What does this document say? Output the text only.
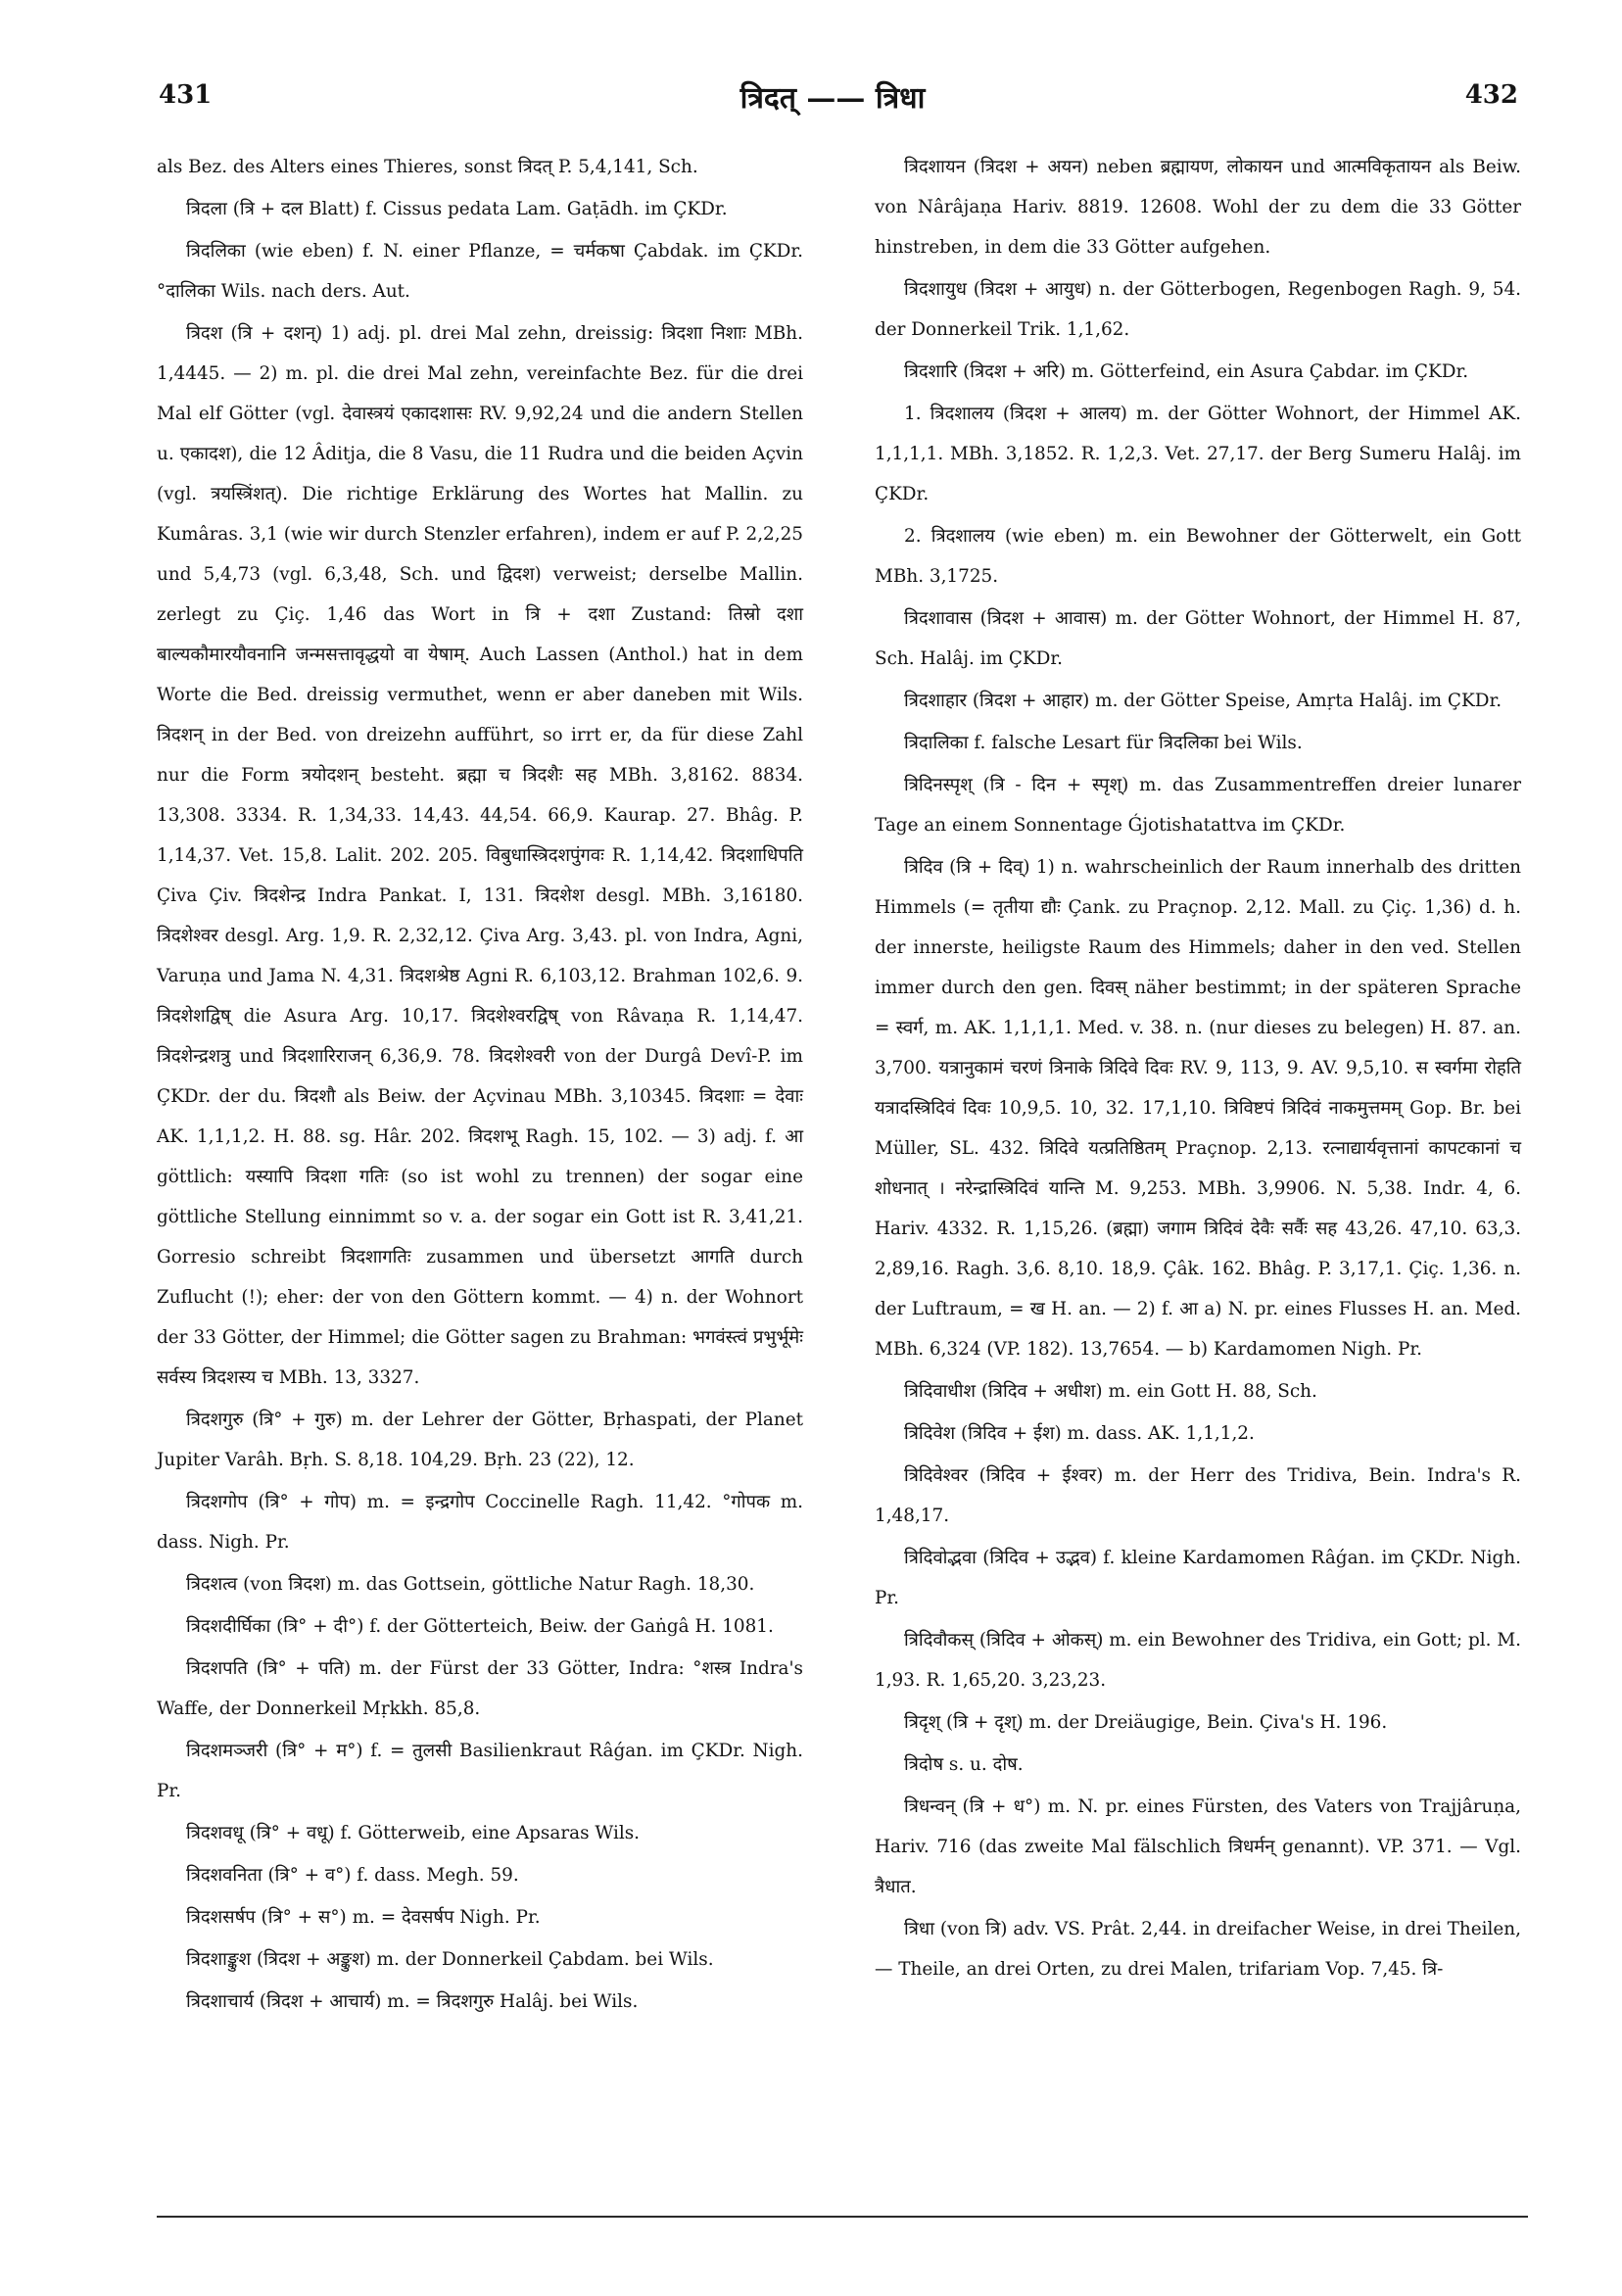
431	त्रिदत् —— त्रिधा	432

als Bez. des Alters eines Thieres, sonst त्रिदत् P. 5,4,141, Sch.

त्रिदला (त्रि + दल Blatt) f. Cissus pedata Lam. Gaṭādh. im ÇKDr.

त्रिदलिका (wie eben) f. N. einer Pflanze, = चर्मकषा Çabdak. im ÇKDr. °दालिका Wils. nach ders. Aut.

त्रिदश (त्रि + दशन्) 1) adj. pl. drei Mal zehn, dreissig: त्रिदशा निशाः MBh. 1,4445. — 2) m. pl. die drei Mal zehn, vereinfachte Bez. für die drei Mal elf Götter (vgl. देवास्त्रयं एकादशासः RV. 9,92,24 und die andern Stellen u. एकादश), die 12 Âditja, die 8 Vasu, die 11 Rudra und die beiden Açvin (vgl. त्रयस्त्रिंशत्). Die richtige Erklärung des Wortes hat Mallin. zu Kumâras. 3,1 (wie wir durch Stenzler erfahren), indem er auf P. 2,2,25 und 5,4,73 (vgl. 6,3,48, Sch. und द्विदश) verweist; derselbe Mallin. zerlegt zu Çiç. 1,46 das Wort in त्रि + दशा Zustand: तिस्रो दशा बाल्यकौमारयौवनानि जन्मसत्तावृद्धयो वा येषाम्. Auch Lassen (Anthol.) hat in dem Worte die Bed. dreissig vermuthet, wenn er aber daneben mit Wils. त्रिदशन् in der Bed. von dreizehn aufführt, so irrt er, da für diese Zahl nur die Form त्रयोदशन् besteht. ब्रह्मा च त्रिदशैः सह MBh. 3,8162. 8834. 13,308. 3334. R. 1,34,33. 14,43. 44,54. 66,9. Kaurap. 27. Bhâg. P. 1,14,37. Vet. 15,8. Lalit. 202. 205. विबुधास्त्रिदशपुंगवः R. 1,14,42. त्रिदशाधिपति Çiva Çiv. त्रिदशेन्द्र Indra Pankat. I, 131. त्रिदशेश desgl. MBh. 3,16180. त्रिदशेश्वर desgl. Arg. 1,9. R. 2,32,12. Çiva Arg. 3,43. pl. von Indra, Agni, Varuṇa und Jama N. 4,31. त्रिदशश्रेष्ठ Agni R. 6,103,12. Brahman 102,6. 9. त्रिदशेशद्विष् die Asura Arg. 10,17. त्रिदशेश्वरद्विष् von Râvaṇa R. 1,14,47. त्रिदशेन्द्रशत्रु und त्रिदशारिराजन् 6,36,9. 78. त्रिदशेश्वरी von der Durgâ Devî-P. im ÇKDr. der du. त्रिदशौ als Beiw. der Açvinau MBh. 3,10345. त्रिदशाः = देवाः AK. 1,1,1,2. H. 88. sg. Hâr. 202. त्रिदशभू Ragh. 15, 102. — 3) adj. f. आ göttlich: यस्यापि त्रिदशा गतिः (so ist wohl zu trennen) der sogar eine göttliche Stellung einnimmt so v. a. der sogar ein Gott ist R. 3,41,21. Gorresio schreibt त्रिदशागतिः zusammen und übersetzt आगति durch Zuflucht (!); eher: der von den Göttern kommt. — 4) n. der Wohnort der 33 Götter, der Himmel; die Götter sagen zu Brahman: भगवंस्त्वं प्रभुर्भूमेः सर्वस्य त्रिदशस्य च MBh. 13, 3327.

त्रिदशगुरु (त्रि° + गुरु) m. der Lehrer der Götter, Bṛhaspati, der Planet Jupiter Varâh. Bṛh. S. 8,18. 104,29. Bṛh. 23 (22), 12.

त्रिदशगोप (त्रि° + गोप) m. = इन्द्रगोप Coccinelle Ragh. 11,42. °गोपक m. dass. Nigh. Pr.

त्रिदशत्व (von त्रिदश) m. das Gottsein, göttliche Natur Ragh. 18,30.

त्रिदशदीर्घिका (त्रि° + दी°) f. der Götterteich, Beiw. der Gaṅgâ H. 1081.

त्रिदशपति (त्रि° + पति) m. der Fürst der 33 Götter, Indra: °शस्त्र Indra's Waffe, der Donnerkeil Mṛkkh. 85,8.

त्रिदशमञ्जरी (त्रि° + म°) f. = तुलसी Basilienkraut Râǵan. im ÇKDr. Nigh. Pr.

त्रिदशवधू (त्रि° + वधू) f. Götterweib, eine Apsaras Wils.

त्रिदशवनिता (त्रि° + व°) f. dass. Megh. 59.

त्रिदशसर्षप (त्रि° + स°) m. = देवसर्षप Nigh. Pr.

त्रिदशाङ्कुश (त्रिदश + अङ्कुश) m. der Donnerkeil Çabdam. bei Wils.

त्रिदशाचार्य (त्रिदश + आचार्य) m. = त्रिदशगुरु Halâj. bei Wils.

त्रिदशायन (त्रिदश + अयन) neben ब्रह्मायण, लोकायन und आत्मविकृतायन als Beiw. von Nârâjaṇa Hariv. 8819. 12608. Wohl der zu dem die 33 Götter hinstreben, in dem die 33 Götter aufgehen.

त्रिदशायुध (त्रिदश + आयुध) n. der Götterbogen, Regenbogen Ragh. 9, 54. der Donnerkeil Trik. 1,1,62.

त्रिदशारि (त्रिदश + अरि) m. Götterfeind, ein Asura Çabdar. im ÇKDr.

1. त्रिदशालय (त्रिदश + आलय) m. der Götter Wohnort, der Himmel AK. 1,1,1,1. MBh. 3,1852. R. 1,2,3. Vet. 27,17. der Berg Sumeru Halâj. im ÇKDr.

2. त्रिदशालय (wie eben) m. ein Bewohner der Götterwelt, ein Gott MBh. 3,1725.

त्रिदशावास (त्रिदश + आवास) m. der Götter Wohnort, der Himmel H. 87, Sch. Halâj. im ÇKDr.

त्रिदशाहार (त्रिदश + आहार) m. der Götter Speise, Amṛta Halâj. im ÇKDr.

त्रिदालिका f. falsche Lesart für त्रिदलिका bei Wils.

त्रिदिनस्पृश् (त्रि - दिन + स्पृश्) m. das Zusammentreffen dreier lunarer Tage an einem Sonnentage Ǵjotishatattva im ÇKDr.

त्रिदिव (त्रि + दिव्) 1) n. wahrscheinlich der Raum innerhalb des dritten Himmels (= तृतीया द्यौः Çank. zu Praçnop. 2,12. Mall. zu Çiç. 1,36) d. h. der innerste, heiligste Raum des Himmels; daher in den ved. Stellen immer durch den gen. दिवस् näher bestimmt; in der späteren Sprache = स्वर्ग, m. AK. 1,1,1,1. Med. v. 38. n. (nur dieses zu belegen) H. 87. an. 3,700. यत्रानुकामं चरणं त्रिनाके त्रिदिवे दिवः RV. 9, 113, 9. AV. 9,5,10. स स्वर्गमा रोहति यत्रादस्त्रिदिवं दिवः 10,9,5. 10, 32. 17,1,10. त्रिविष्टपं त्रिदिवं नाकमुत्तमम् Gop. Br. bei Müller, SL. 432. त्रिदिवे यत्प्रतिष्ठितम् Praçnop. 2,13. रत्नाद्यार्यवृत्तानां कापटकानां च शोधनात् । नरेन्द्रास्त्रिदिवं यान्ति M. 9,253. MBh. 3,9906. N. 5,38. Indr. 4, 6. Hariv. 4332. R. 1,15,26. (ब्रह्मा) जगाम त्रिदिवं देवैः सर्वैः सह 43,26. 47,10. 63,3. 2,89,16. Ragh. 3,6. 8,10. 18,9. Çâk. 162. Bhâg. P. 3,17,1. Çiç. 1,36. n. der Luftraum, = ख H. an. — 2) f. आ a) N. pr. eines Flusses H. an. Med. MBh. 6,324 (VP. 182). 13,7654. — b) Kardamomen Nigh. Pr.

त्रिदिवाधीश (त्रिदिव + अधीश) m. ein Gott H. 88, Sch.

त्रिदिवेश (त्रिदिव + ईश) m. dass. AK. 1,1,1,2.

त्रिदिवेश्वर (त्रिदिव + ईश्वर) m. der Herr des Tridiva, Bein. Indra's R. 1,48,17.

त्रिदिवोद्भवा (त्रिदिव + उद्भव) f. kleine Kardamomen Râǵan. im ÇKDr. Nigh. Pr.

त्रिदिवौकस् (त्रिदिव + ओकस्) m. ein Bewohner des Tridiva, ein Gott; pl. M. 1,93. R. 1,65,20. 3,23,23.

त्रिदृश् (त्रि + दृश्) m. der Dreiäugige, Bein. Çiva's H. 196.

त्रिदोष s. u. दोष.

त्रिधन्वन् (त्रि + ध°) m. N. pr. eines Fürsten, des Vaters von Trajjâruṇa, Hariv. 716 (das zweite Mal fälschlich त्रिधर्मन् genannt). VP. 371. — Vgl. त्रैधात.

त्रिधा (von त्रि) adv. VS. Prât. 2,44. in dreifacher Weise, in drei Theilen, — Theile, an drei Orten, zu drei Malen, trifariam Vop. 7,45. त्रि-
